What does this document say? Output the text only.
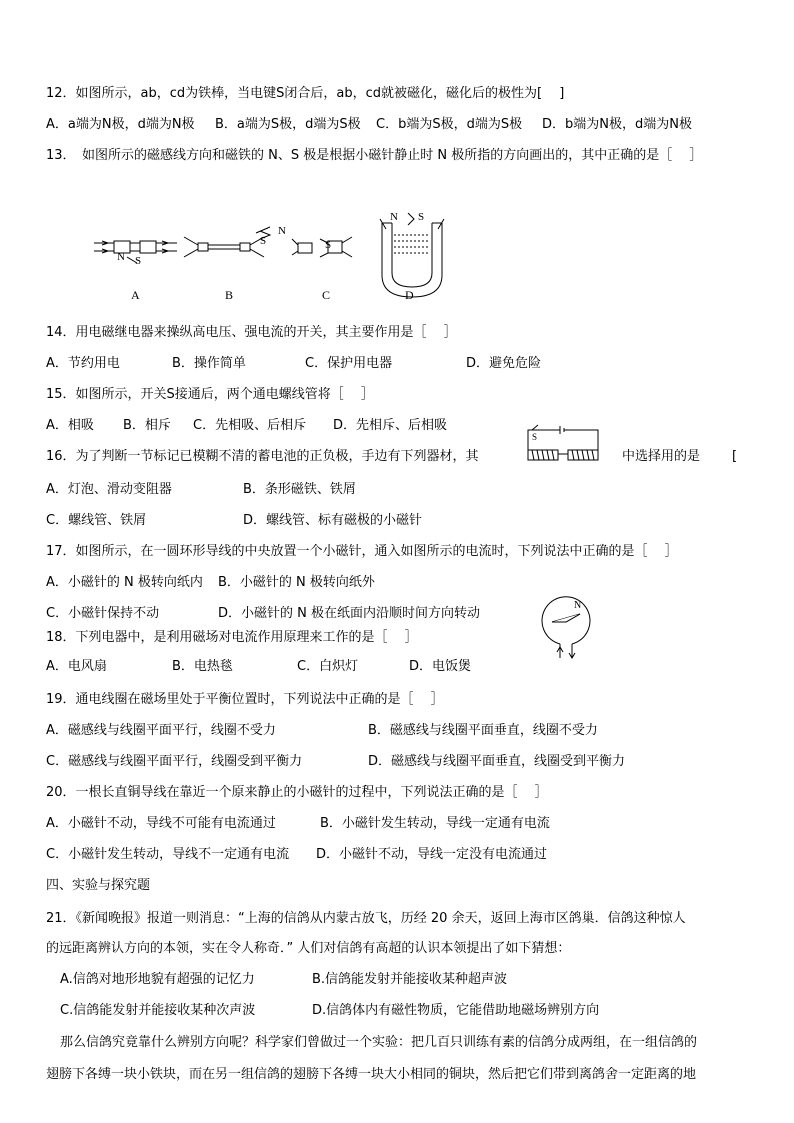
12．如图所示，ab，cd为铁棒，当电键S闭合后，ab，cd就被磁化，磁化后的极性为[　 ]
A．a端为N极，d端为N极 B．a端为S极，d端为S极 C．b端为S极，d端为S极 D．b端为N极，d端为N极
13．　如图所示的磁感线方向和磁铁的 N、S 极是根据小磁针静止时 N 极所指的方向画出的，其中正确的是［　 ］
N S
N
S	S
N S
A	B	C	D
14．用电磁继电器来操纵高电压、强电流的开关，其主要作用是［　 ］
A．节约用电	B．操作简单	C．保护用电器	D．避免危险
15．如图所示，开关S接通后，两个通电螺线管将［　 ］
A．相吸 B．相斥 C．先相吸、后相斥 D．先相斥、后相吸
S
16．为了判断一节标记已模糊不清的蓄电池的正负极，手边有下列器材，其	中选择用的是 [
A．灯泡、滑动变阻器	B．条形磁铁、铁屑
C．螺线管、铁屑	D．螺线管、标有磁极的小磁针
17．如图所示，在一圆环形导线的中央放置一个小磁针，通入如图所示的电流时，下列说法中正确的是［　 ］
A．小磁针的 N 极转向纸内 B．小磁针的 N 极转向纸外
C．小磁针保持不动	D．小磁针的 N 极在纸面内沿顺时间方向转动
N
18．下列电器中，是利用磁场对电流作用原理来工作的是［　 ］
A．电风扇	B．电热毯	C．白炽灯	D．电饭煲
19．通电线圈在磁场里处于平衡位置时，下列说法中正确的是［　 ］
A．磁感线与线圈平面平行，线圈不受力	B．磁感线与线圈平面垂直，线圈不受力
C．磁感线与线圈平面平行，线圈受到平衡力	D．磁感线与线圈平面垂直，线圈受到平衡力
20．一根长直铜导线在靠近一个原来静止的小磁针的过程中，下列说法正确的是［　 ］
A．小磁针不动，导线不可能有电流通过	B．小磁针发生转动，导线一定通有电流
C．小磁针发生转动，导线不一定通有电流 D．小磁针不动，导线一定没有电流通过
四、实验与探究题
21．《新闻晚报》报道一则消息：“上海的信鸽从内蒙古放飞，历经 20 余天，返回上海市区鸽巢．信鸽这种惊人
的远距离辨认方向的本领，实在令人称奇．” 人们对信鸽有高超的认识本领提出了如下猜想：
A.信鸽对地形地貌有超强的记忆力	B.信鸽能发射并能接收某种超声波
C.信鸽能发射并能接收某种次声波	D.信鸽体内有磁性物质，它能借助地磁场辨别方向
那么信鸽究竟靠什么辨别方向呢？科学家们曾做过一个实验：把几百只训练有素的信鸽分成两组，在一组信鸽的
翅膀下各缚一块小铁块，而在另一组信鸽的翅膀下各缚一块大小相同的铜块，然后把它们带到离鸽舍一定距离的地
